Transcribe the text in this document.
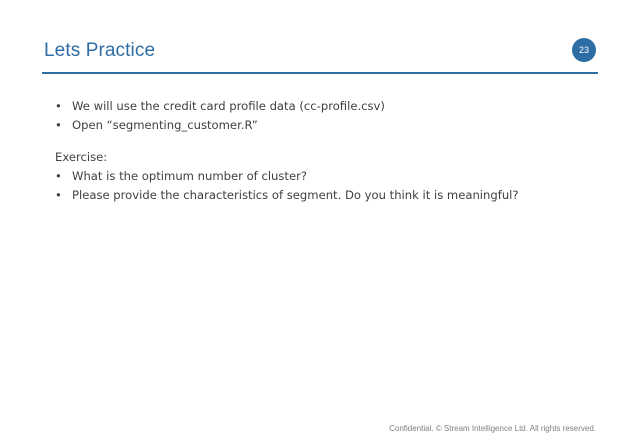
Lets Practice	23
• We will use the credit card profile data (cc-profile.csv)
• Open “segmenting_customer.R”
Exercise:
• What is the optimum number of cluster?
• Please provide the characteristics of segment. Do you think it is meaningful?
Confidential. © Stream Intelligence Ltd. All rights reserved.
